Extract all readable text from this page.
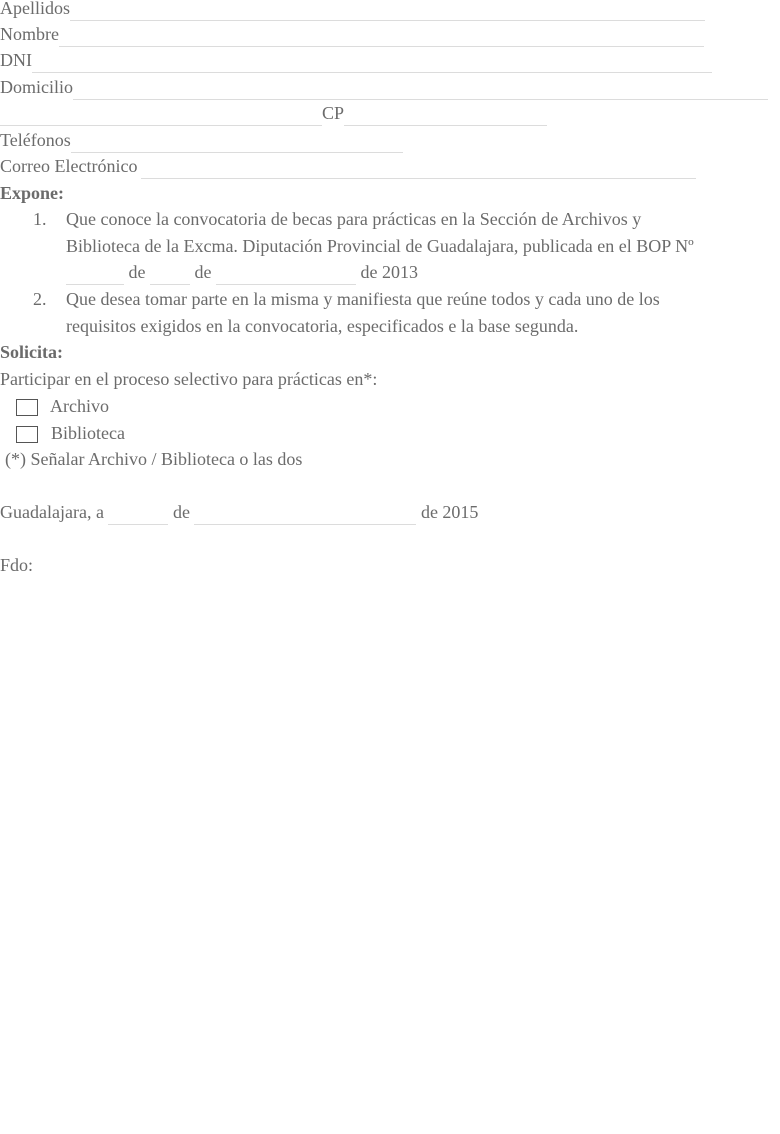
Apellidos
Nombre
DNI
Domicilio
CP
Teléfonos
Correo Electrónico
Expone:
1. Que conoce la convocatoria de becas para prácticas en la Sección de Archivos y
Biblioteca de la Excma. Diputación Provincial de Guadalajara, publicada en el BOP Nº
de	de	de 2013
2. Que desea tomar parte en la misma y manifiesta que reúne todos y cada uno de los
requisitos exigidos en la convocatoria, especificados e la base segunda.
Solicita:
Participar en el proceso selectivo para prácticas en*:
Archivo
Biblioteca
(*) Señalar Archivo / Biblioteca o las dos
Guadalajara, a	de	de 2015
Fdo:
